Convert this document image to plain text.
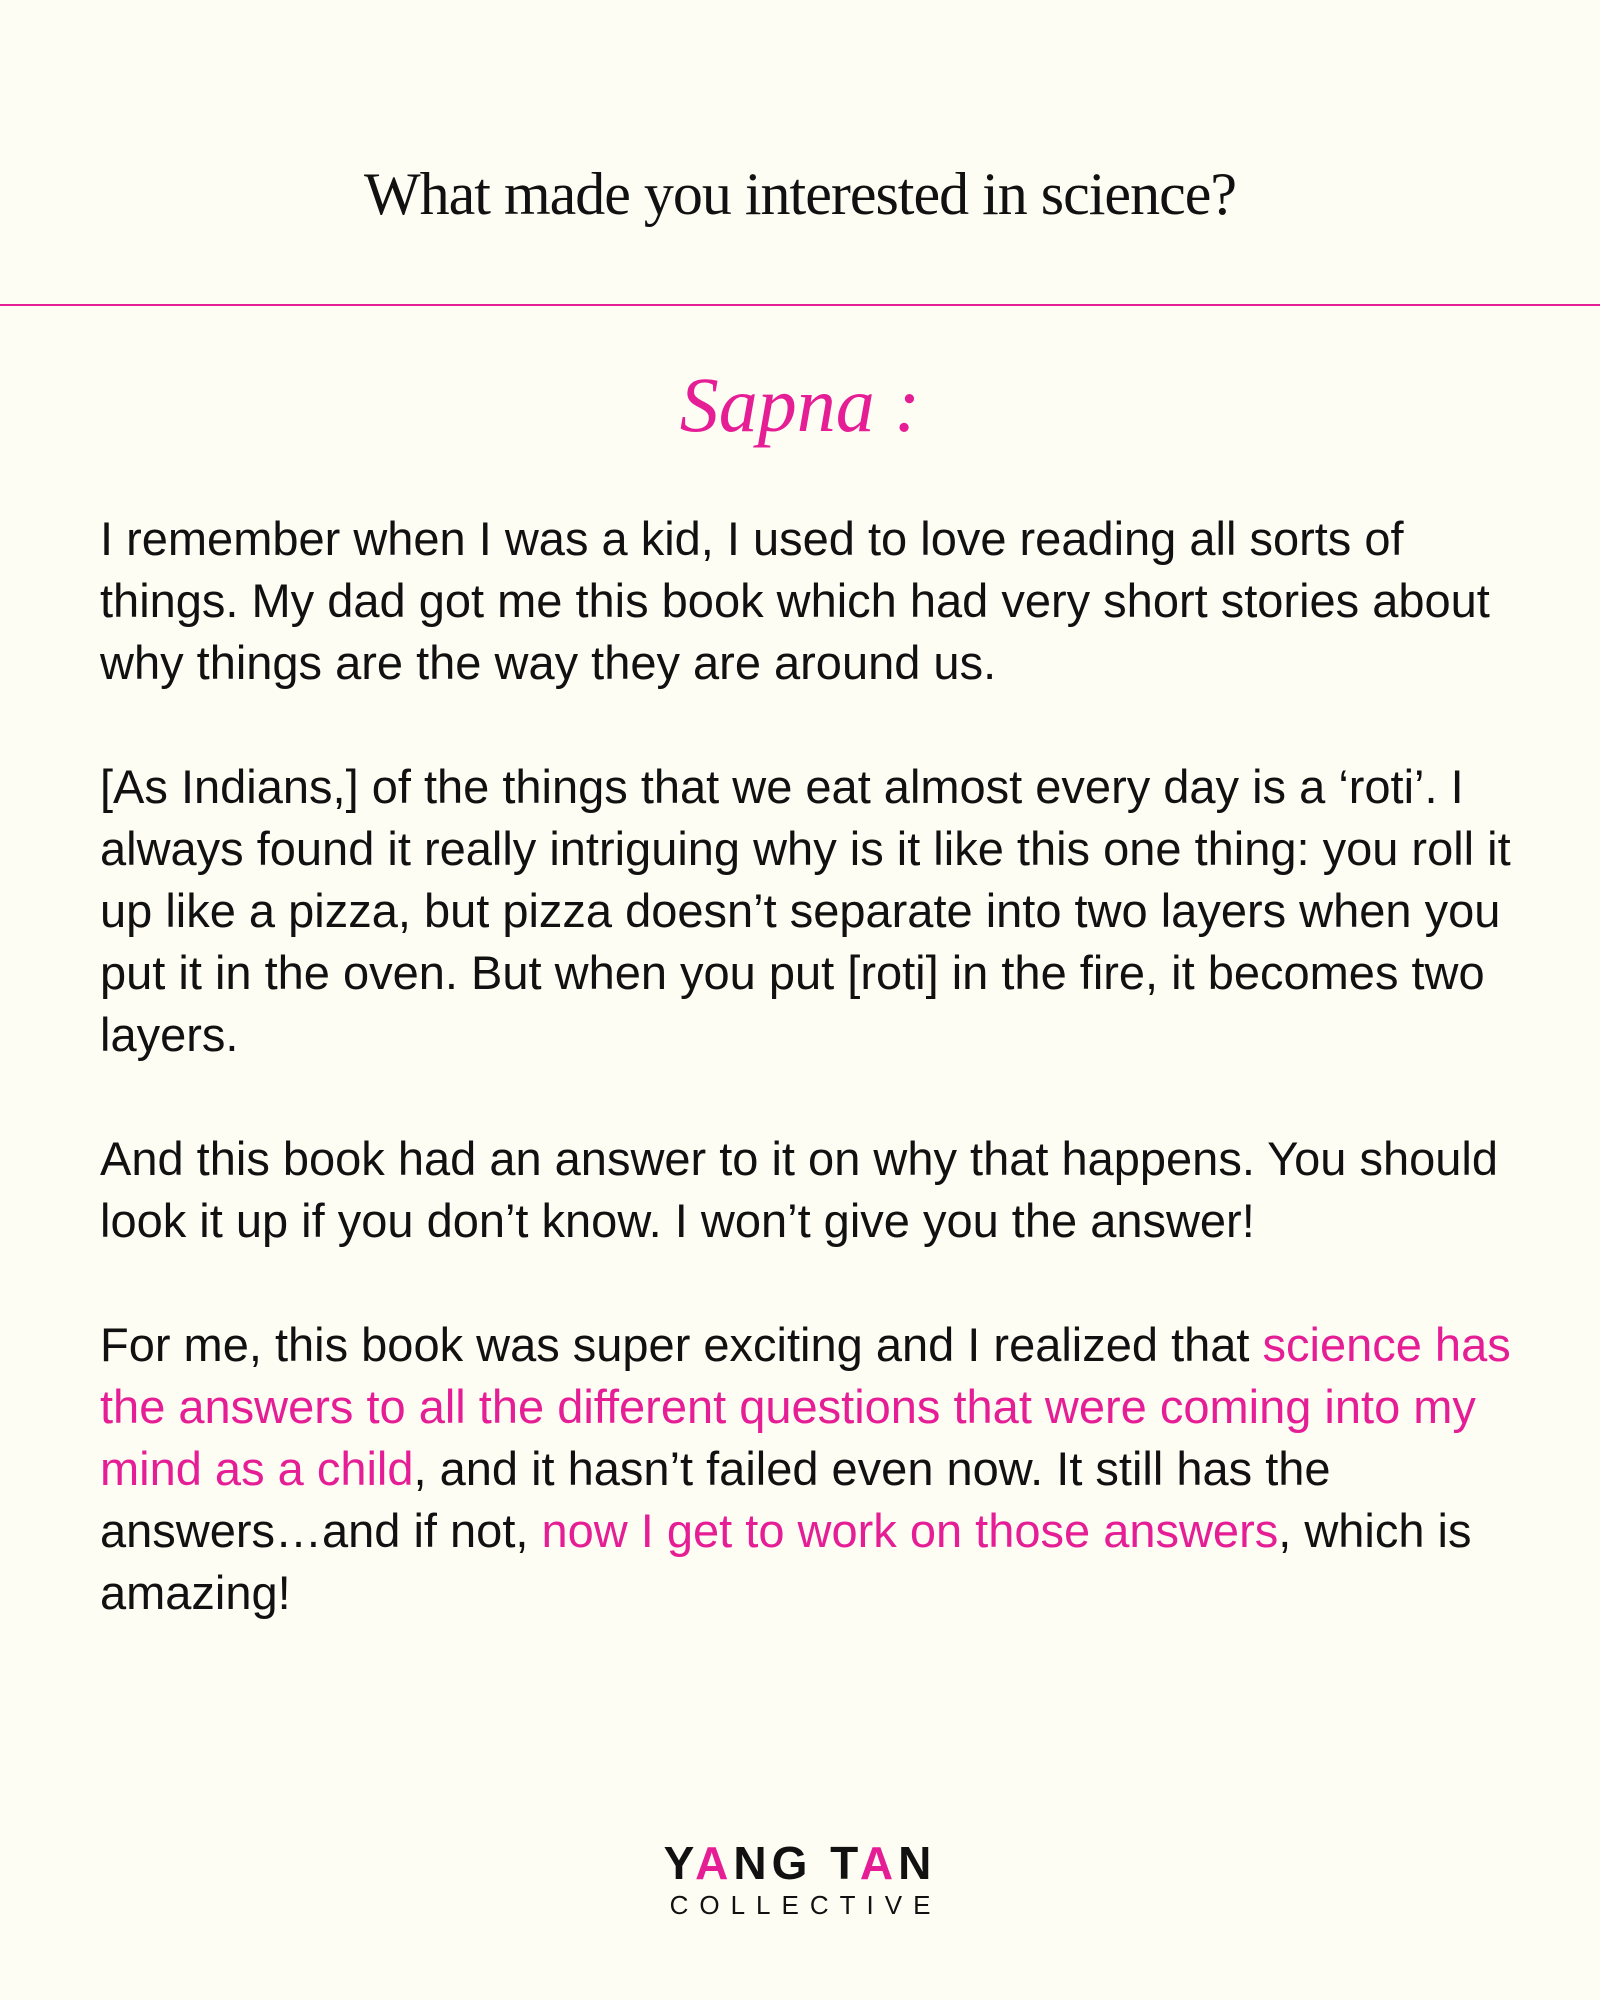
What made you interested in science?
Sapna :

I remember when I was a kid, I used to love reading all sorts of things. My dad got me this book which had very short stories about why things are the way they are around us.

[As Indians,] of the things that we eat almost every day is a ‘roti’. I always found it really intriguing why is it like this one thing: you roll it up like a pizza, but pizza doesn’t separate into two layers when you put it in the oven. But when you put [roti] in the fire, it becomes two layers.

And this book had an answer to it on why that happens. You should look it up if you don’t know. I won’t give you the answer!

For me, this book was super exciting and I realized that science has the answers to all the different questions that were coming into my mind as a child, and it hasn’t failed even now. It still has the answers…and if not, now I get to work on those answers, which is amazing!

YANG TAN
COLLECTIVE
